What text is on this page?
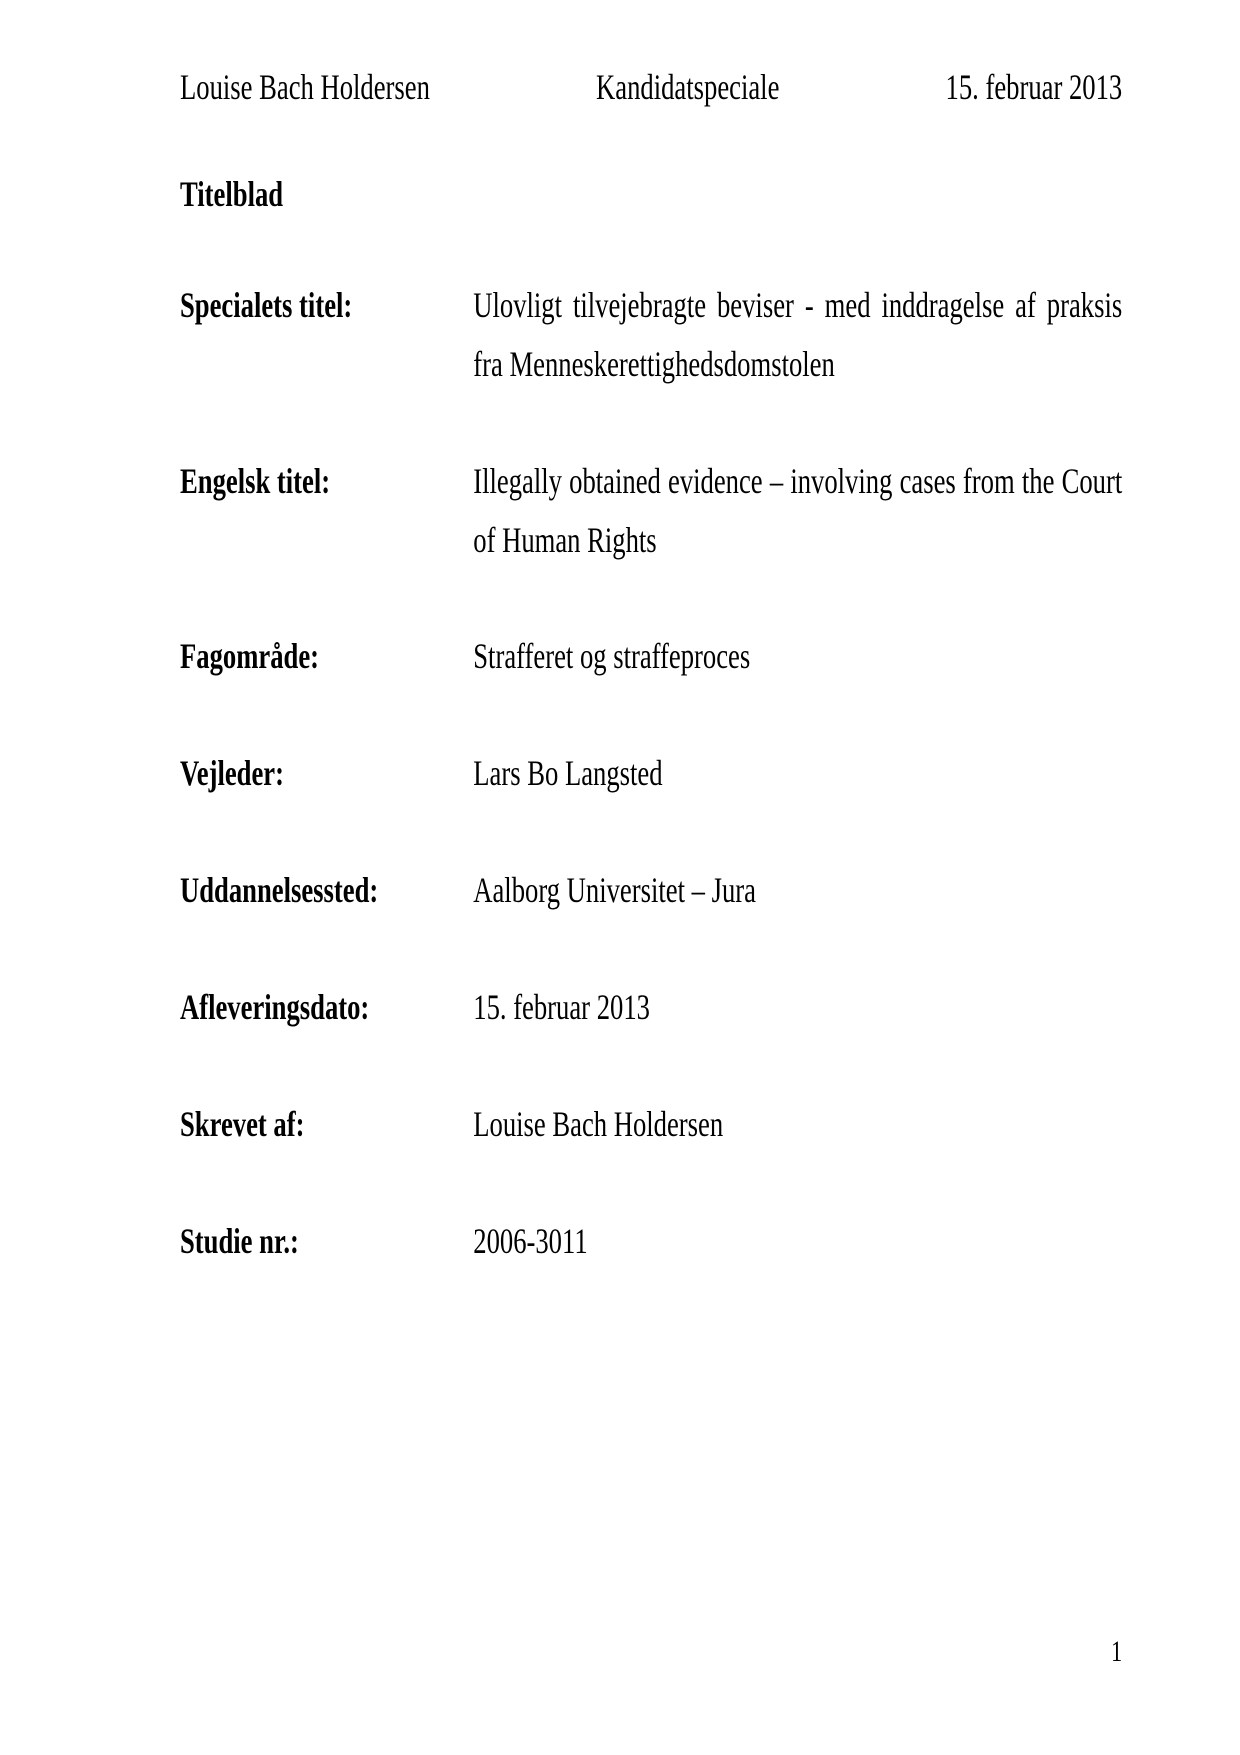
Louise Bach Holdersen	Kandidatspeciale	15. februar 2013
Titelblad
Specialets titel:	Ulovligt tilvejebragte beviser - med inddragelse af praksis
fra Menneskerettighedsdomstolen
Engelsk titel:	Illegally obtained evidence – involving cases from the Court
of Human Rights
Fagområde:	Strafferet og straffeproces
Vejleder:	Lars Bo Langsted
Uddannelsessted:	Aalborg Universitet – Jura
Afleveringsdato:	15. februar 2013
Skrevet af:	Louise Bach Holdersen
Studie nr.:	2006-3011
1
